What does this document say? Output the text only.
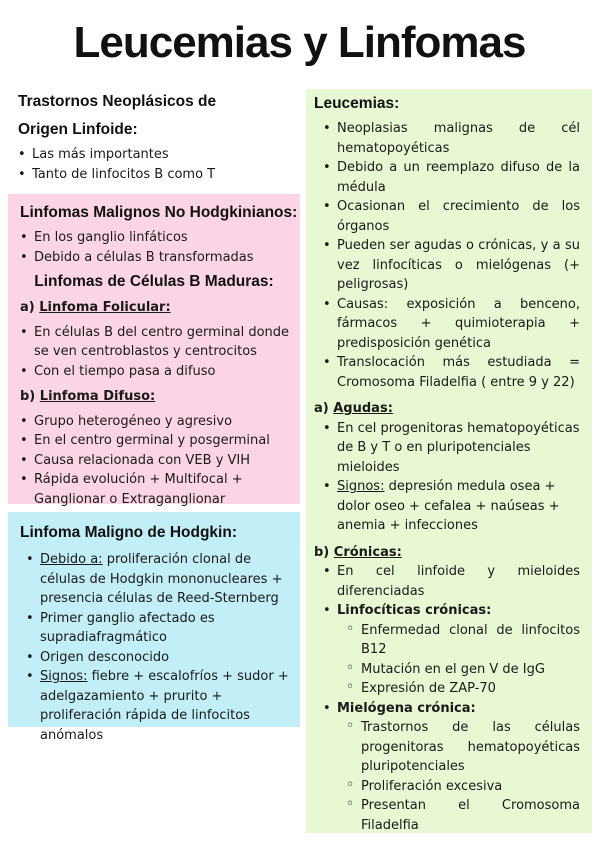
Leucemias y Linfomas
Trastornos Neoplásicos de
Origen Linfoide:
• Las más importantes
• Tanto de linfocitos B como T
Linfomas Malignos No Hodgkinianos:
• En los ganglio linfáticos
• Debido a células B transformadas
Linfomas de Células B Maduras:
a) Linfoma Folicular:
• En células B del centro germinal donde se ven centroblastos y centrocitos
• Con el tiempo pasa a difuso
b) Linfoma Difuso:
• Grupo heterogéneo y agresivo
• En el centro germinal y posgerminal
• Causa relacionada con VEB y VIH
• Rápida evolución + Multifocal + Ganglionar o Extraganglionar
Linfoma Maligno de Hodgkin:
• Debido a: proliferación clonal de células de Hodgkin mononucleares + presencia células de Reed-Sternberg
• Primer ganglio afectado es supradiafragmático
• Origen desconocido
• Signos: fiebre + escalofríos + sudor + adelgazamiento + prurito + proliferación rápida de linfocitos anómalos
Leucemias:
• Neoplasias malignas de cél hematopoyéticas
• Debido a un reemplazo difuso de la médula
• Ocasionan el crecimiento de los órganos
• Pueden ser agudas o crónicas, y a su vez linfocíticas o mielógenas (+ peligrosas)
• Causas: exposición a benceno, fármacos + quimioterapia + predisposición genética
• Translocación más estudiada = Cromosoma Filadelfia ( entre 9 y 22)
a) Agudas:
• En cel progenitoras hematopoyéticas de B y T o en pluripotenciales mieloides
• Signos: depresión medula osea + dolor oseo + cefalea + naúseas + anemia + infecciones
b) Crónicas:
• En cel linfoide y mieloides diferenciadas
• Linfocíticas crónicas:
◦ Enfermedad clonal de linfocitos B12
◦ Mutación en el gen V de IgG
◦ Expresión de ZAP-70
• Mielógena crónica:
◦ Trastornos de las células progenitoras hematopoyéticas pluripotenciales
◦ Proliferación excesiva
◦ Presentan el Cromosoma Filadelfia
